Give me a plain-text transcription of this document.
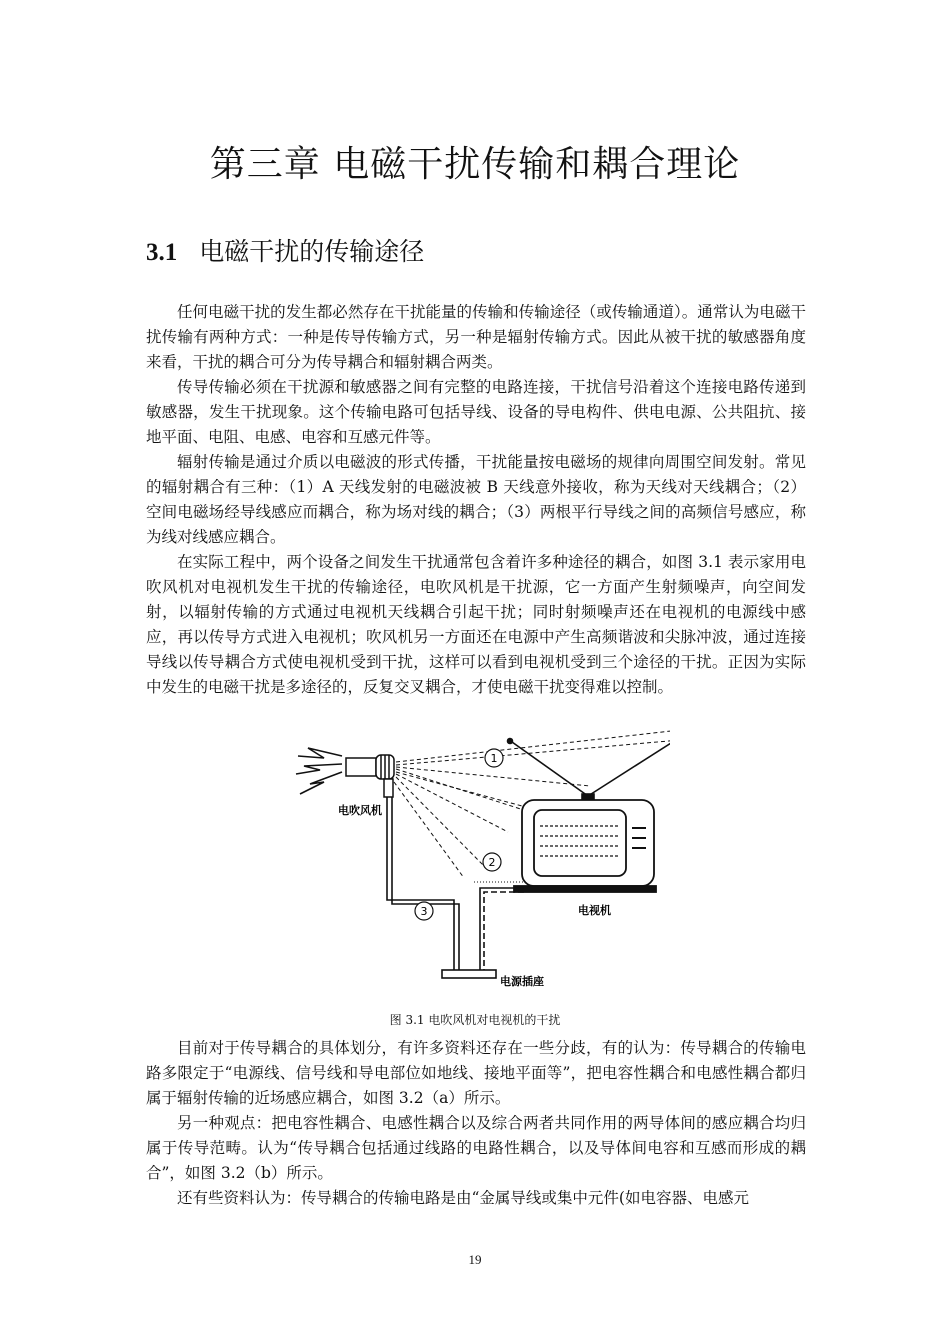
第三章 电磁干扰传输和耦合理论
3.1 电磁干扰的传输途径

任何电磁干扰的发生都必然存在干扰能量的传输和传输途径（或传输通道）。通常认为电磁干扰传输有两种方式：一种是传导传输方式，另一种是辐射传输方式。因此从被干扰的敏感器角度来看，干扰的耦合可分为传导耦合和辐射耦合两类。

传导传输必须在干扰源和敏感器之间有完整的电路连接，干扰信号沿着这个连接电路传递到敏感器，发生干扰现象。这个传输电路可包括导线、设备的导电构件、供电电源、公共阻抗、接地平面、电阻、电感、电容和互感元件等。

辐射传输是通过介质以电磁波的形式传播，干扰能量按电磁场的规律向周围空间发射。常见的辐射耦合有三种：（1）A 天线发射的电磁波被 B 天线意外接收，称为天线对天线耦合；（2）空间电磁场经导线感应而耦合，称为场对线的耦合；（3）两根平行导线之间的高频信号感应，称为线对线感应耦合。

在实际工程中，两个设备之间发生干扰通常包含着许多种途径的耦合，如图 3.1 表示家用电吹风机对电视机发生干扰的传输途径，电吹风机是干扰源，它一方面产生射频噪声，向空间发射，以辐射传输的方式通过电视机天线耦合引起干扰；同时射频噪声还在电视机的电源线中感应，再以传导方式进入电视机；吹风机另一方面还在电源中产生高频谐波和尖脉冲波，通过连接导线以传导耦合方式使电视机受到干扰，这样可以看到电视机受到三个途径的干扰。正因为实际中发生的电磁干扰是多途径的，反复交叉耦合，才使电磁干扰变得难以控制。

电吹风机
电视机
电源插座
1
2
3
图 3.1 电吹风机对电视机的干扰

目前对于传导耦合的具体划分，有许多资料还存在一些分歧，有的认为：传导耦合的传输电路多限定于“电源线、信号线和导电部位如地线、接地平面等”，把电容性耦合和电感性耦合都归属于辐射传输的近场感应耦合，如图 3.2（a）所示。

另一种观点：把电容性耦合、电感性耦合以及综合两者共同作用的两导体间的感应耦合均归属于传导范畴。认为“传导耦合包括通过线路的电路性耦合，以及导体间电容和互感而形成的耦合”，如图 3.2（b）所示。

还有些资料认为：传导耦合的传输电路是由“金属导线或集中元件(如电容器、电感元

19
